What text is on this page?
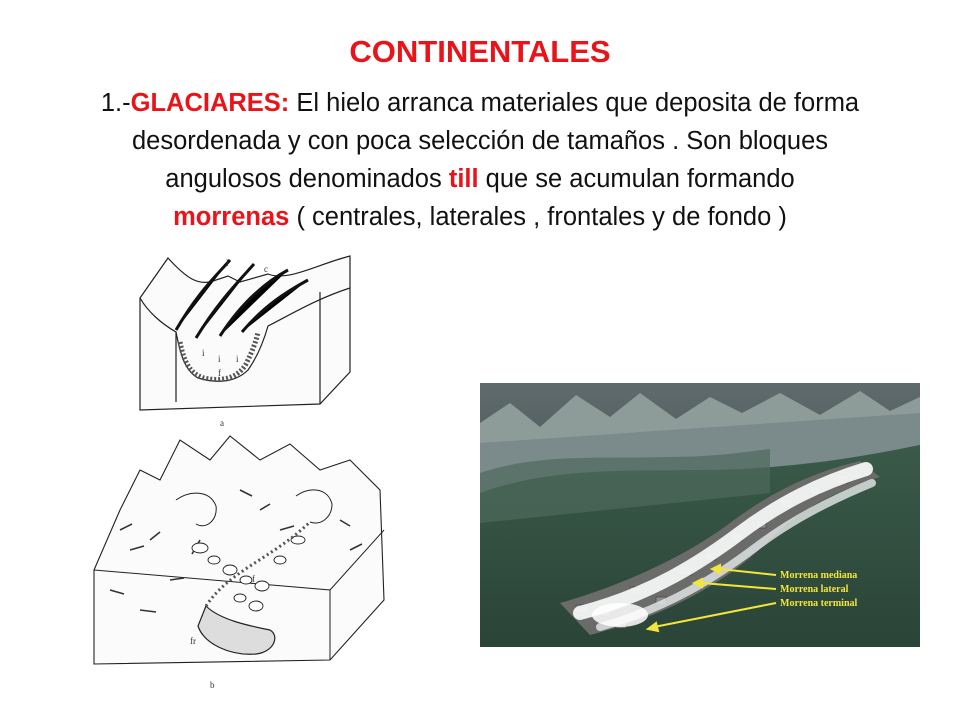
CONTINENTALES
1.-GLACIARES: El hielo arranca materiales que deposita de forma
desordenada y con poca selección de tamaños . Son bloques
angulosos denominados till que se acumulan formando
morrenas ( centrales, laterales , frontales y de fondo )
l
c
i
i i
f
a
f
fr
b
Morrena mediana
Morrena lateral
Morrena terminal
